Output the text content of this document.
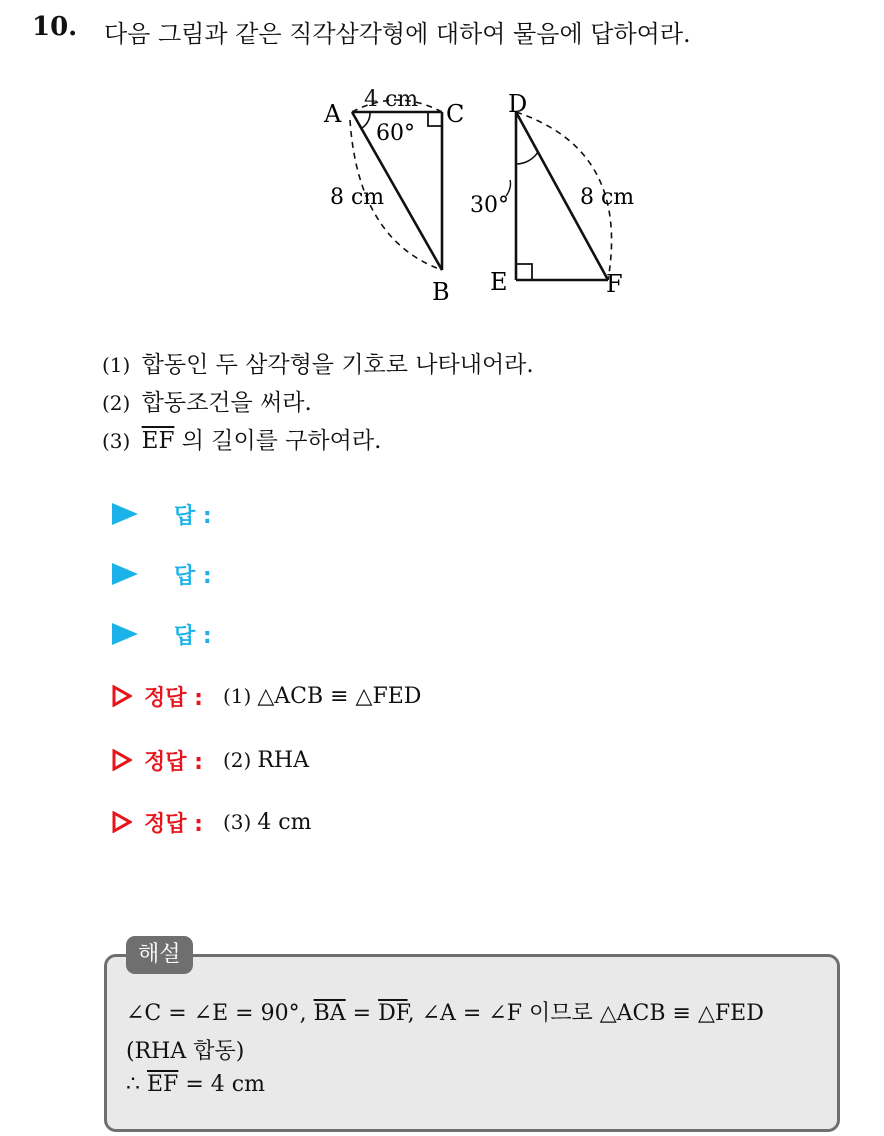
10. 다음 그림과 같은 직각삼각형에 대하여 물음에 답하여라.
A	C
B
4 cm
60°
8 cm
D
E	F
30°	8 cm
(1) 합동인 두 삼각형을 기호로 나타내어라.
(2) 합동조건을 써라.
(3) $\overline{EF}$ 의 길이를 구하여라.
답 :
답 :
답 :
정답 : (1) △ACB ≡ △FED
정답 : (2) RHA
정답 : (3) 4 cm
해설
∠C = ∠E = 90°, $\overline{BA} = \overline{DF}$, ∠A = ∠F 이므로 △ACB ≡ △FED
(RHA 합동)
∴ $\overline{EF} = 4$ cm
